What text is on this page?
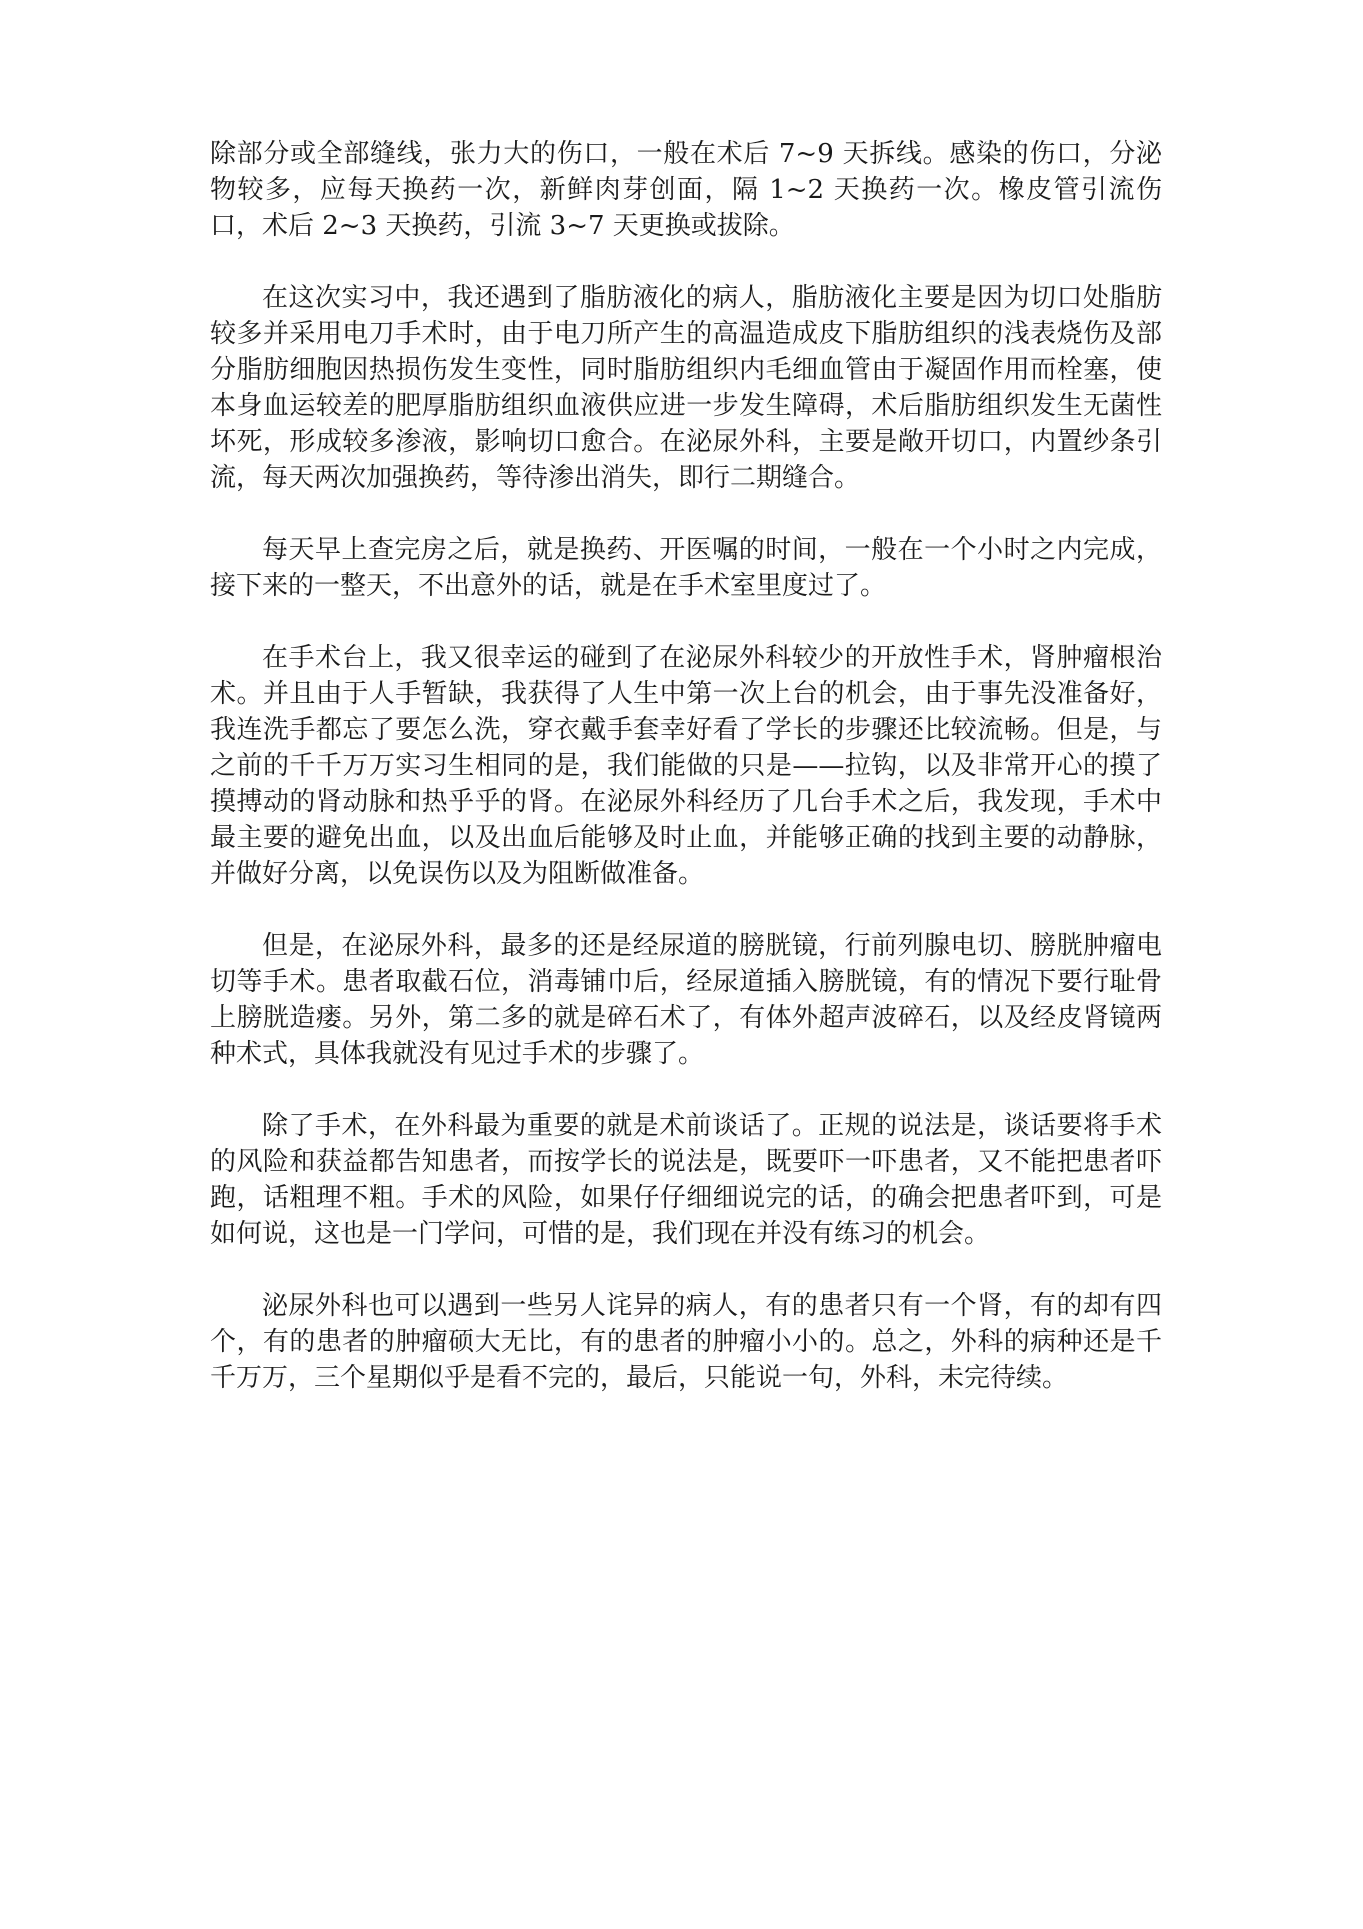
除部分或全部缝线，张力大的伤口，一般在术后 7~9 天拆线。感染的伤口，分泌物较多，应每天换药一次，新鲜肉芽创面，隔 1~2 天换药一次。橡皮管引流伤口，术后 2~3 天换药，引流 3~7 天更换或拔除。

在这次实习中，我还遇到了脂肪液化的病人，脂肪液化主要是因为切口处脂肪较多并采用电刀手术时，由于电刀所产生的高温造成皮下脂肪组织的浅表烧伤及部分脂肪细胞因热损伤发生变性，同时脂肪组织内毛细血管由于凝固作用而栓塞，使本身血运较差的肥厚脂肪组织血液供应进一步发生障碍，术后脂肪组织发生无菌性坏死，形成较多渗液，影响切口愈合。在泌尿外科，主要是敞开切口，内置纱条引流，每天两次加强换药，等待渗出消失，即行二期缝合。

每天早上查完房之后，就是换药、开医嘱的时间，一般在一个小时之内完成，接下来的一整天，不出意外的话，就是在手术室里度过了。

在手术台上，我又很幸运的碰到了在泌尿外科较少的开放性手术，肾肿瘤根治术。并且由于人手暂缺，我获得了人生中第一次上台的机会，由于事先没准备好，我连洗手都忘了要怎么洗，穿衣戴手套幸好看了学长的步骤还比较流畅。但是，与之前的千千万万实习生相同的是，我们能做的只是——拉钩，以及非常开心的摸了摸搏动的肾动脉和热乎乎的肾。在泌尿外科经历了几台手术之后，我发现，手术中最主要的避免出血，以及出血后能够及时止血，并能够正确的找到主要的动静脉，并做好分离，以免误伤以及为阻断做准备。

但是，在泌尿外科，最多的还是经尿道的膀胱镜，行前列腺电切、膀胱肿瘤电切等手术。患者取截石位，消毒铺巾后，经尿道插入膀胱镜，有的情况下要行耻骨上膀胱造瘘。另外，第二多的就是碎石术了，有体外超声波碎石，以及经皮肾镜两种术式，具体我就没有见过手术的步骤了。

除了手术，在外科最为重要的就是术前谈话了。正规的说法是，谈话要将手术的风险和获益都告知患者，而按学长的说法是，既要吓一吓患者，又不能把患者吓跑，话粗理不粗。手术的风险，如果仔仔细细说完的话，的确会把患者吓到，可是如何说，这也是一门学问，可惜的是，我们现在并没有练习的机会。

泌尿外科也可以遇到一些另人诧异的病人，有的患者只有一个肾，有的却有四个，有的患者的肿瘤硕大无比，有的患者的肿瘤小小的。总之，外科的病种还是千千万万，三个星期似乎是看不完的，最后，只能说一句，外科，未完待续。
